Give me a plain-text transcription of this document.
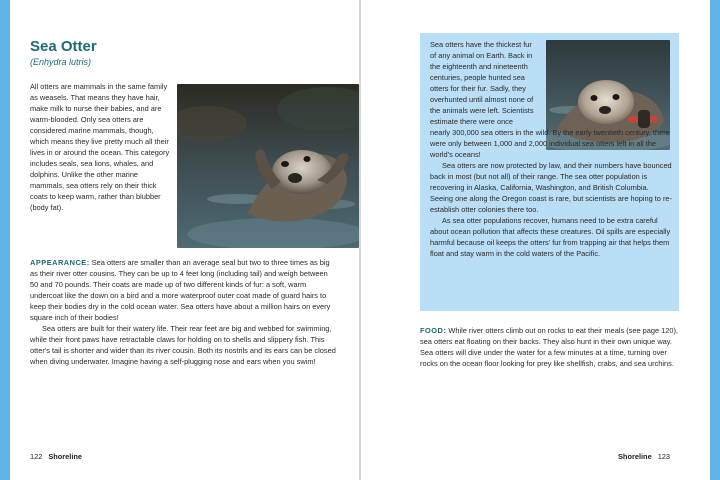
Sea Otter
(Enhydra lutris)
All otters are mammals in the same family as weasels. That means they have hair, make milk to nurse their babies, and are warm-blooded. Only sea otters are considered marine mammals, though, which means they live pretty much all their lives in or around the ocean. This category includes seals, sea lions, whales, and dolphins. Unlike the other marine mammals, sea otters rely on their thick coats to keep warm, rather than blubber (body fat).

APPEARANCE: Sea otters are smaller than an average seal but two to three times as big as their river otter cousins. They can be up to 4 feet long (including tail) and weigh between 50 and 70 pounds. Their coats are made up of two different kinds of fur: a soft, warm undercoat like the down on a bird and a more waterproof outer coat made of guard hairs to keep their bodies dry in the cold ocean water. Sea otters have about a million hairs on every square inch of their bodies!

Sea otters are built for their watery life. Their rear feet are big and webbed for swimming, while their front paws have retractable claws for holding on to shells and slippery fish. This otter's tail is shorter and wider than its river cousin. Both its nostrils and its ears can be closed when diving underwater. Imagine having a self-plugging nose and ears when you swim!

122 Shoreline

Sea otters have the thickest fur of any animal on Earth. Back in the eighteenth and nineteenth centuries, people hunted sea otters for their fur. Sadly, they overhunted until almost none of the animals were left. Scientists estimate there were once

nearly 300,000 sea otters in the wild. By the early twentieth century, there were only between 1,000 and 2,000 individual sea otters left in all the world's oceans!

Sea otters are now protected by law, and their numbers have bounced back in most (but not all) of their range. The sea otter population is recovering in Alaska, California, Washington, and British Columbia. Seeing one along the Oregon coast is rare, but scientists are hoping to re-establish otter colonies there too.

As sea otter populations recover, humans need to be extra careful about ocean pollution that affects these creatures. Oil spills are especially harmful because oil keeps the otters' fur from trapping air that helps them float and stay warm in the cold waters of the Pacific.

FOOD: While river otters climb out on rocks to eat their meals (see page 120), sea otters eat floating on their backs. They also hunt in their own unique way. Sea otters will dive under the water for a few minutes at a time, turning over rocks on the ocean floor looking for prey like shellfish, crabs, and sea urchins.

Shoreline 123
